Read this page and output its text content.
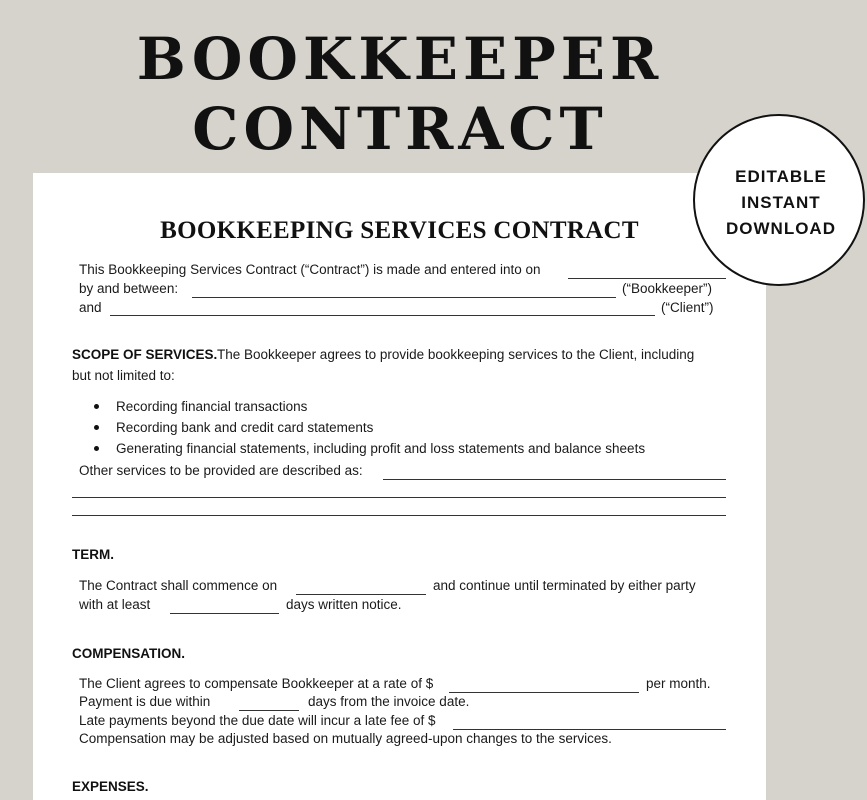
BOOKKEEPER
CONTRACT
BOOKKEEPING SERVICES CONTRACT
This Bookkeeping Services Contract (“Contract”) is made and entered into on
by and between:	(“Bookkeeper”)
and	(“Client”)
SCOPE OF SERVICES. The Bookkeeper agrees to provide bookkeeping services to the Client, including
but not limited to:
Recording financial transactions
Recording bank and credit card statements
Generating financial statements, including profit and loss statements and balance sheets
Other services to be provided are described as:
TERM.
The Contract shall commence on	and continue until terminated by either party
with at least	days written notice.
COMPENSATION.
The Client agrees to compensate Bookkeeper at a rate of $	per month.
Payment is due within	days from the invoice date.
Late payments beyond the due date will incur a late fee of $
Compensation may be adjusted based on mutually agreed-upon changes to the services.
EXPENSES.
EDITABLE
INSTANT
DOWNLOAD
